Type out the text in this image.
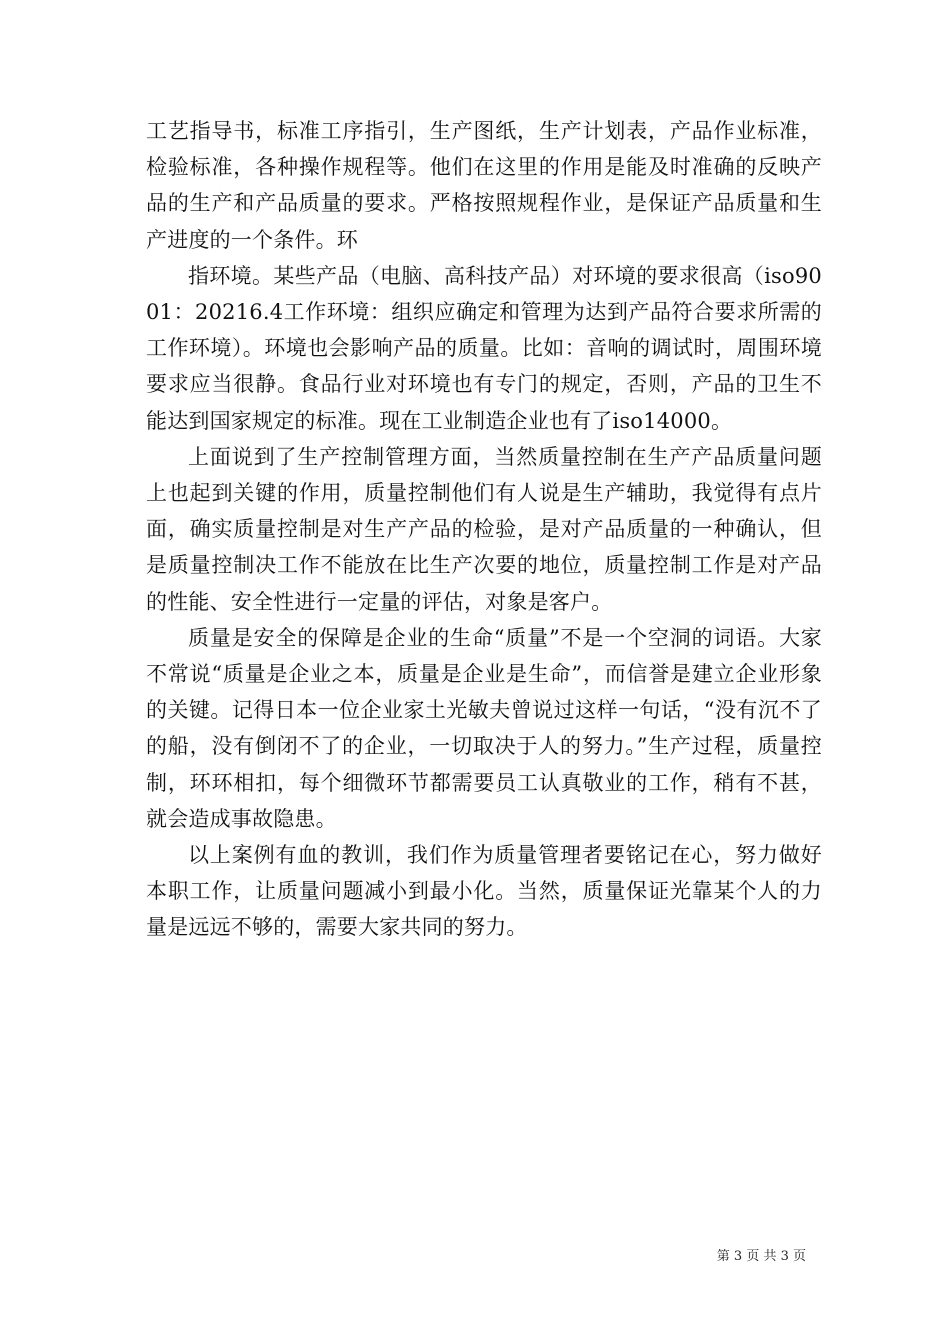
工艺指导书，标准工序指引，生产图纸，生产计划表，产品作业标准，检验标准，各种操作规程等。他们在这里的作用是能及时准确的反映产品的生产和产品质量的要求。严格按照规程作业，是保证产品质量和生产进度的一个条件。环

指环境。某些产品（电脑、高科技产品）对环境的要求很高（iso9001：20216.4工作环境：组织应确定和管理为达到产品符合要求所需的工作环境）。环境也会影响产品的质量。比如：音响的调试时，周围环境要求应当很静。食品行业对环境也有专门的规定，否则，产品的卫生不能达到国家规定的标准。现在工业制造企业也有了iso14000。

上面说到了生产控制管理方面，当然质量控制在生产产品质量问题上也起到关键的作用，质量控制他们有人说是生产辅助，我觉得有点片面，确实质量控制是对生产产品的检验，是对产品质量的一种确认，但是质量控制决工作不能放在比生产次要的地位，质量控制工作是对产品的性能、安全性进行一定量的评估，对象是客户。

质量是安全的保障是企业的生命“质量”不是一个空洞的词语。大家不常说“质量是企业之本，质量是企业是生命”，而信誉是建立企业形象的关键。记得日本一位企业家土光敏夫曾说过这样一句话，“没有沉不了的船，没有倒闭不了的企业，一切取决于人的努力。”生产过程，质量控制，环环相扣，每个细微环节都需要员工认真敬业的工作，稍有不甚，就会造成事故隐患。

以上案例有血的教训，我们作为质量管理者要铭记在心，努力做好本职工作，让质量问题减小到最小化。当然，质量保证光靠某个人的力量是远远不够的，需要大家共同的努力。

第 3 页 共 3 页
